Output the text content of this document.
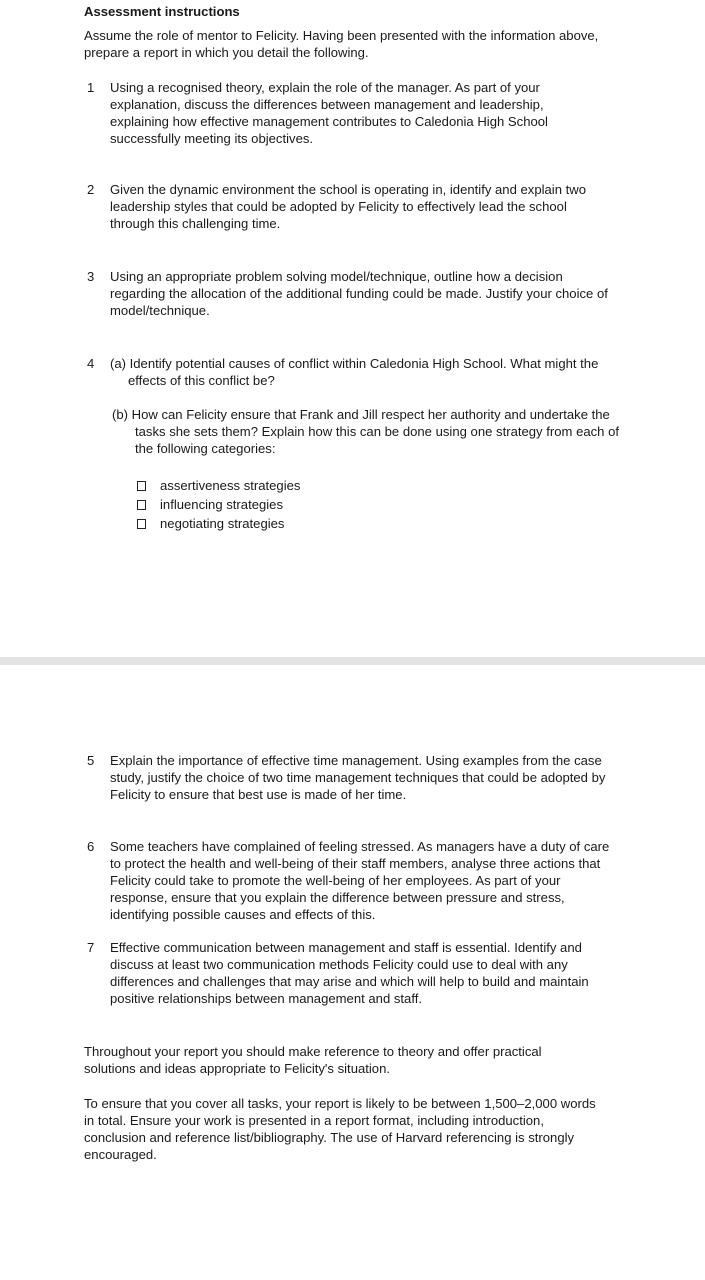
Assessment instructions
Assume the role of mentor to Felicity. Having been presented with the information above, prepare a report in which you detail the following.
1 Using a recognised theory, explain the role of the manager. As part of your explanation, discuss the differences between management and leadership, explaining how effective management contributes to Caledonia High School successfully meeting its objectives.
2 Given the dynamic environment the school is operating in, identify and explain two leadership styles that could be adopted by Felicity to effectively lead the school through this challenging time.
3 Using an appropriate problem solving model/technique, outline how a decision regarding the allocation of the additional funding could be made. Justify your choice of model/technique.
4 (a) Identify potential causes of conflict within Caledonia High School. What might the effects of this conflict be?
(b) How can Felicity ensure that Frank and Jill respect her authority and undertake the tasks she sets them? Explain how this can be done using one strategy from each of the following categories:
assertiveness strategies
influencing strategies
negotiating strategies
5 Explain the importance of effective time management. Using examples from the case study, justify the choice of two time management techniques that could be adopted by Felicity to ensure that best use is made of her time.
6 Some teachers have complained of feeling stressed. As managers have a duty of care to protect the health and well-being of their staff members, analyse three actions that Felicity could take to promote the well-being of her employees. As part of your response, ensure that you explain the difference between pressure and stress, identifying possible causes and effects of this.
7 Effective communication between management and staff is essential. Identify and discuss at least two communication methods Felicity could use to deal with any differences and challenges that may arise and which will help to build and maintain positive relationships between management and staff.
Throughout your report you should make reference to theory and offer practical solutions and ideas appropriate to Felicity's situation.
To ensure that you cover all tasks, your report is likely to be between 1,500–2,000 words in total. Ensure your work is presented in a report format, including introduction, conclusion and reference list/bibliography. The use of Harvard referencing is strongly encouraged.
